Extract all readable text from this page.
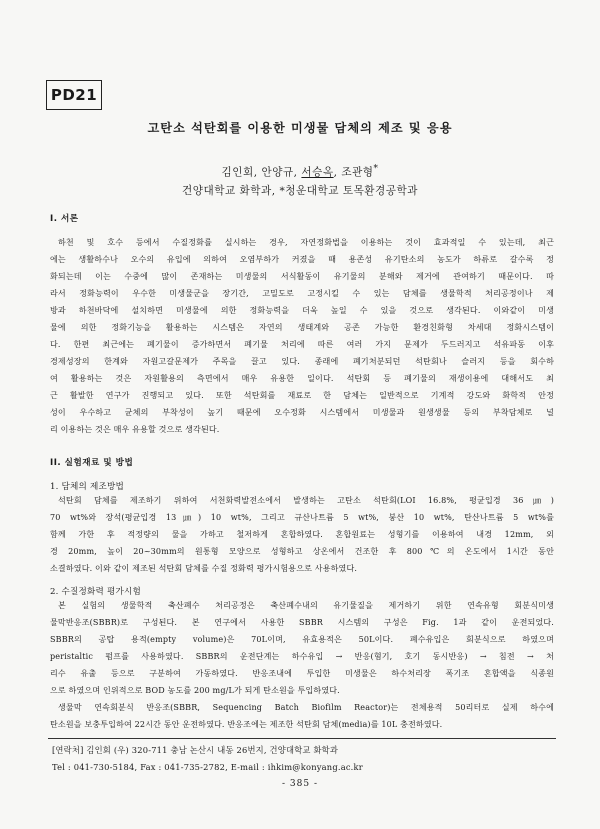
PD21
고탄소 석탄회를 이용한 미생물 담체의 제조 및 응용
김인회, 안양규, 서승옥, 조관형*
건양대학교 화학과, *청운대학교 토목환경공학과
I. 서론
하천 및 호수 등에서 수질정화를 실시하는 경우, 자연정화법을 이용하는 것이 효과적일 수 있는데, 최근
에는 생활하수나 오수의 유입에 의하여 오염부하가 커졌을 때 용존성 유기탄소의 농도가 하류로 갈수록 정
화되는데 이는 수중에 많이 존재하는 미생물의 서식활동이 유기물의 분해와 제거에 관여하기 때문이다. 따
라서 정화능력이 우수한 미생물군을 장기간, 고밀도로 고정시킬 수 있는 담체를 생물학적 처리공정이나 제
방과 하천바닥에 설치하면 미생물에 의한 정화능력을 더욱 높일 수 있을 것으로 생각된다. 이와같이 미생
물에 의한 정화기능을 활용하는 시스템은 자연의 생태계와 공존 가능한 환경친화형 차세대 정화시스템이
다. 한편 최근에는 폐기물이 증가하면서 폐기물 처리에 따른 여러 가지 문제가 두드러지고 석유파동 이후
경제성장의 한계와 자원고갈문제가 주목을 끌고 있다. 종래에 폐기처분되던 석탄회나 슬러지 등을 회수하
여 활용하는 것은 자원활용의 측면에서 매우 유용한 일이다. 석탄회 등 폐기물의 재생이용에 대해서도 최
근 활발한 연구가 진행되고 있다. 또한 석탄회를 재료로 한 담체는 일반적으로 기계적 강도와 화학적 안정
성이 우수하고 균체의 부착성이 높기 때문에 오수정화 시스템에서 미생물과 원생생물 등의 부착담체로 널
리 이용하는 것은 매우 유용할 것으로 생각된다.
II. 실험재료 및 방법
1. 담체의 제조방법
석탄회 담체를 제조하기 위하여 서천화력발전소에서 발생하는 고탄소 석탄회(LOI 16.8%, 평균입경 36㎛)
70 wt%와 장석(평균입경 13㎛) 10 wt%, 그리고 규산나트륨 5 wt%, 붕산 10 wt%, 탄산나트륨 5 wt%를
함께 가한 후 적정량의 물을 가하고 철저하게 혼합하였다. 혼합원료는 성형기를 이용하여 내경 12mm, 외
경 20mm, 높이 20~30mm의 원통형 모양으로 성형하고 상온에서 건조한 후 800℃의 온도에서 1시간 동안
소결하였다. 이와 같이 제조된 석탄회 담체를 수질 정화력 평가시험용으로 사용하였다.
2. 수질정화력 평가시험
본 실험의 생물학적 축산폐수 처리공정은 축산폐수내의 유기물질을 제거하기 위한 연속유형 회분식미생
물막반응조(SBBR)로 구성된다. 본 연구에서 사용한 SBBR 시스템의 구성은 Fig. 1과 같이 운전되었다.
SBBR의 공탑 용적(empty volume)은 70L이며, 유효용적은 50L이다. 폐수유입은 회분식으로 하였으며
peristaltic 펌프를 사용하였다. SBBR의 운전단계는 하수유입 → 반응(혐기, 호기 동시반응) → 침전 → 처
리수 유출 등으로 구분하여 가동하였다. 반응조내에 투입한 미생물은 하수처리장 폭기조 혼합액을 식종원
으로 하였으며 인위적으로 BOD 농도를 200 mg/L가 되게 탄소원을 투입하였다.
생물막 연속회분식 반응조(SBBR, Sequencing Batch Biofilm Reactor)는 전체용적 50리터로 실제 하수에
탄소원을 보충투입하여 22시간 동안 운전하였다. 반응조에는 제조한 석탄회 담체(media)를 10L 충전하였다.
[연락처] 김인회 (우) 320-711 충남 논산시 내동 26번지, 건양대학교 화학과
Tel : 041-730-5184, Fax : 041-735-2782, E-mail : ihkim@konyang.ac.kr
- 385 -
